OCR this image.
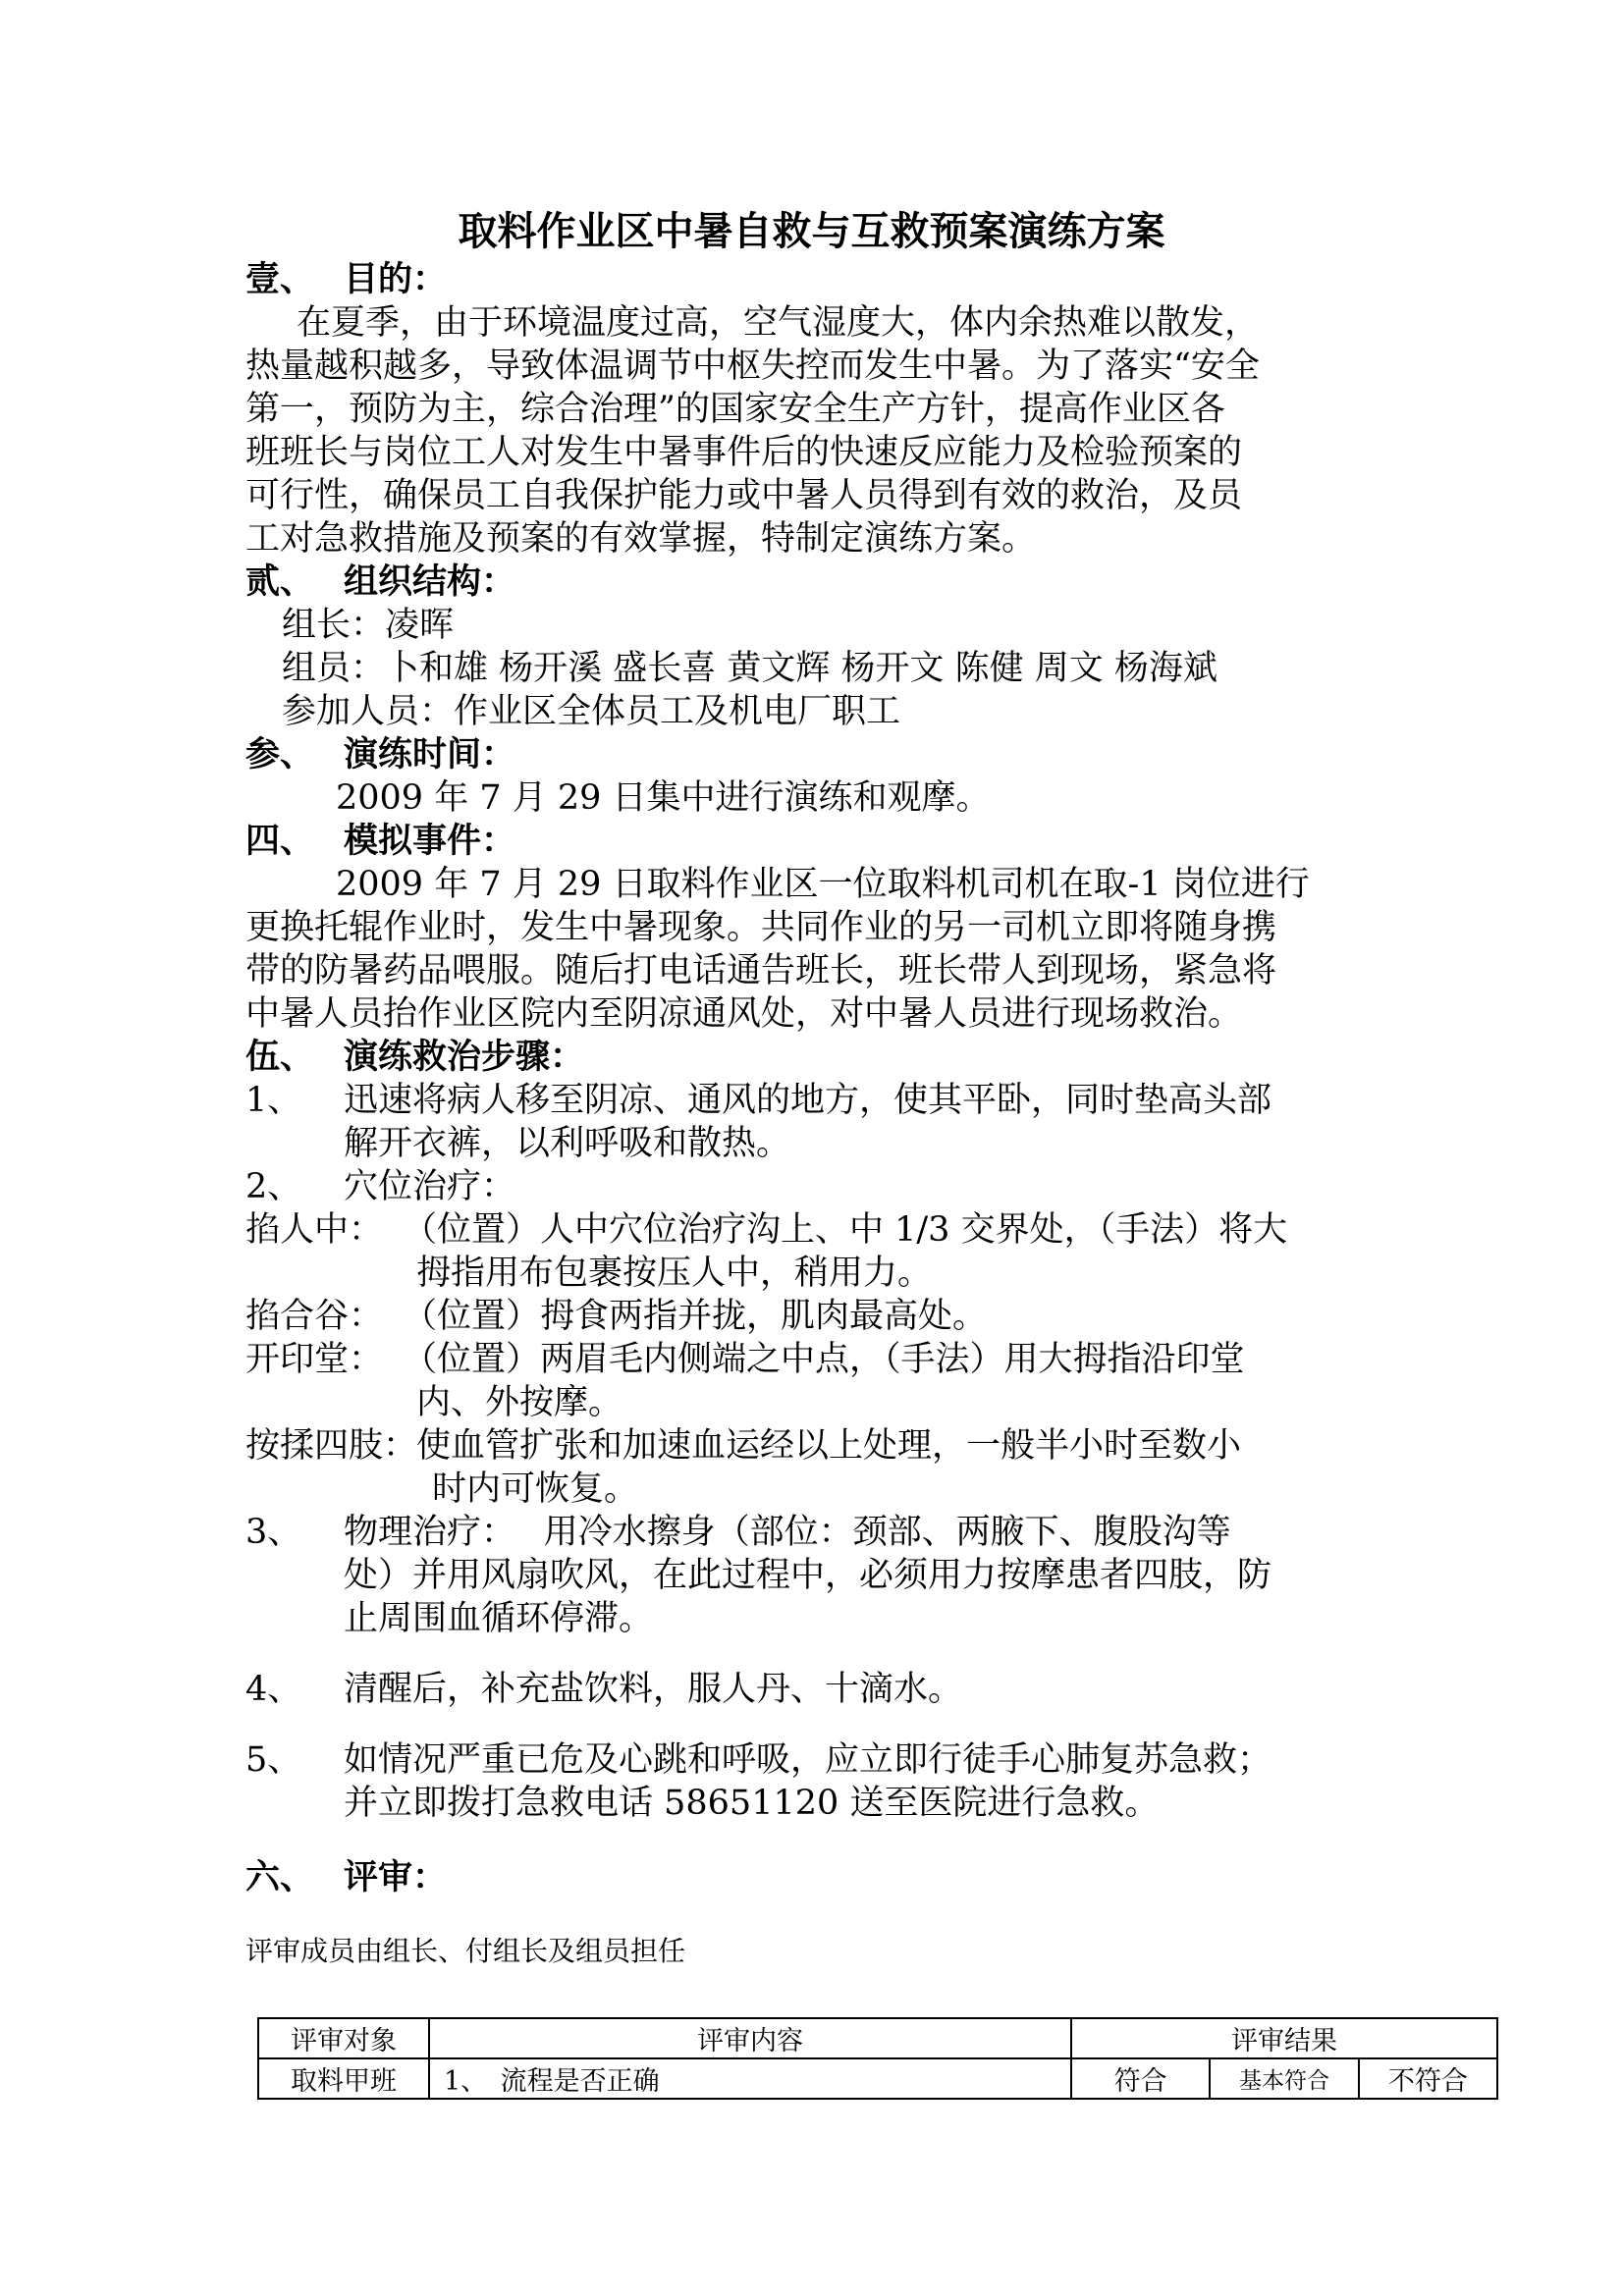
取料作业区中暑自救与互救预案演练方案
壹、 目的：
在夏季，由于环境温度过高，空气湿度大，体内余热难以散发，
热量越积越多，导致体温调节中枢失控而发生中暑。为了落实“安全
第一，预防为主，综合治理”的国家安全生产方针，提高作业区各
班班长与岗位工人对发生中暑事件后的快速反应能力及检验预案的
可行性，确保员工自我保护能力或中暑人员得到有效的救治，及员
工对急救措施及预案的有效掌握，特制定演练方案。
贰、 组织结构：
组长：凌晖
组员：卜和雄 杨开溪 盛长喜 黄文辉 杨开文 陈健 周文 杨海斌
参加人员：作业区全体员工及机电厂职工
参、 演练时间：
2009 年 7 月 29 日集中进行演练和观摩。
四、 模拟事件：
2009 年 7 月 29 日取料作业区一位取料机司机在取-1 岗位进行
更换托辊作业时，发生中暑现象。共同作业的另一司机立即将随身携
带的防暑药品喂服。随后打电话通告班长，班长带人到现场，紧急将
中暑人员抬作业区院内至阴凉通风处，对中暑人员进行现场救治。
伍、 演练救治步骤：
1、 迅速将病人移至阴凉、通风的地方，使其平卧，同时垫高头部
解开衣裤，以利呼吸和散热。
2、 穴位治疗：
掐人中： （位置）人中穴位治疗沟上、中 1/3 交界处，（手法）将大
拇指用布包裹按压人中，稍用力。
掐合谷： （位置）拇食两指并拢，肌肉最高处。
开印堂： （位置）两眉毛内侧端之中点，（手法）用大拇指沿印堂
内、外按摩。
按揉四肢：
使血管扩张和加速血运经以上处理，一般半小时至数小
时内可恢复。
3、 物理治疗：　 用冷水擦身（部位：颈部、两腋下、腹股沟等
处）并用风扇吹风，在此过程中，必须用力按摩患者四肢，防
止周围血循环停滞。
4、 清醒后，补充盐饮料，服人丹、十滴水。
5、 如情况严重已危及心跳和呼吸，应立即行徒手心肺复苏急救；
并立即拨打急救电话 58651120 送至医院进行急救。
六、 评审：
评审成员由组长、付组长及组员担任
评审对象	评审内容	评审结果		
取料甲班	1、　流程是否正确	符合	基本符合	不符合
